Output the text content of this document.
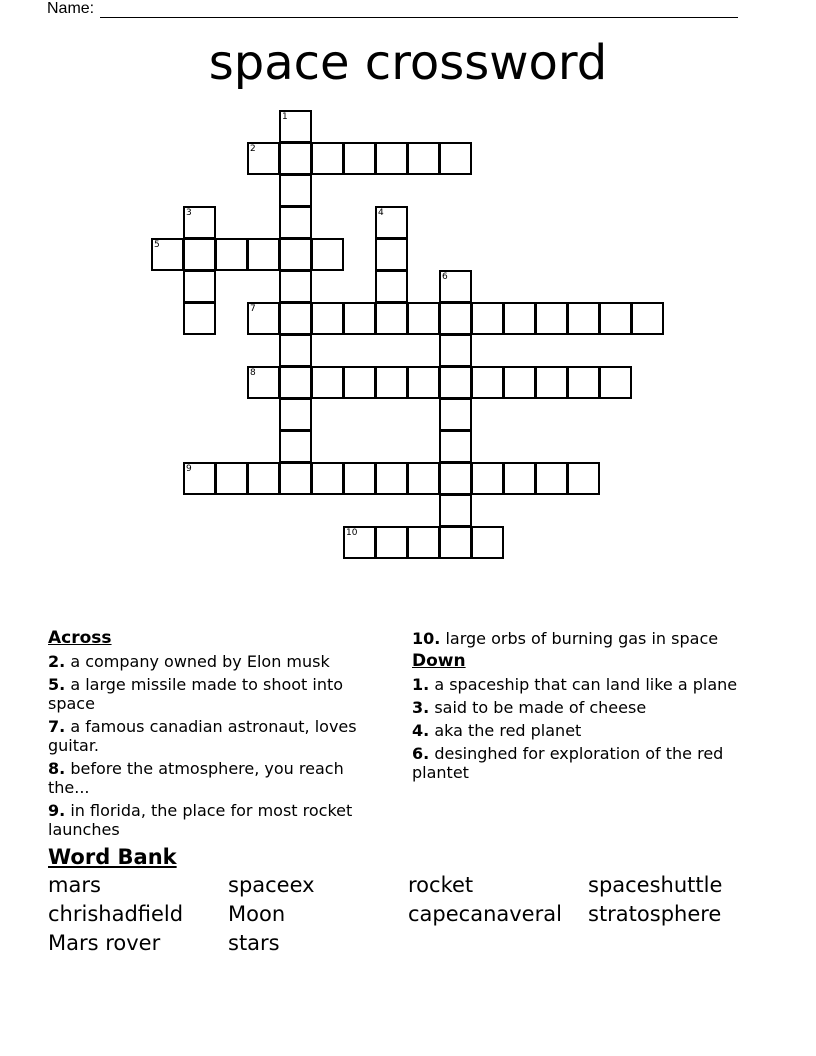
Name:
space crossword
1
2
3	4
5
6
7
8
9
10
Across
2. a company owned by Elon musk
5. a large missile made to shoot into space
7. a famous canadian astronaut, loves guitar.
8. before the atmosphere, you reach the...
9. in florida, the place for most rocket launches
10. large orbs of burning gas in space
Down
1. a spaceship that can land like a plane
3. said to be made of cheese
4. aka the red planet
6. desinghed for exploration of the red plantet
Word Bank
mars	spaceex	rocket	spaceshuttle
chrishadfield	Moon	capecanaveral	stratosphere
Mars rover	stars
